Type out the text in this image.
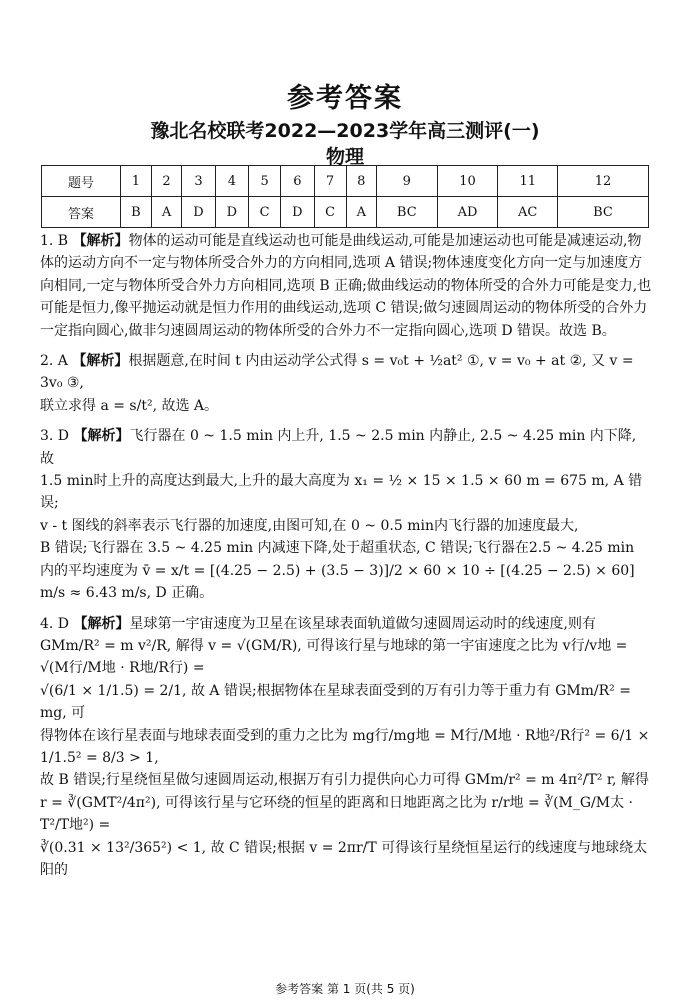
参考答案
豫北名校联考2022—2023学年高三测评(一)
物理
题号	1	2	3	4	5	6	7	8	9	10	11	12
答案	B	A	D	D	C	D	C	A	BC	AD	AC	BC

1. B 【解析】物体的运动可能是直线运动也可能是曲线运动,可能是加速运动也可能是减速运动,物体的运动方向不一定与物体所受合外力的方向相同,选项 A 错误;物体速度变化方向一定与加速度方向相同,一定与物体所受合外力方向相同,选项 B 正确;做曲线运动的物体所受的合外力可能是变力,也可能是恒力,像平抛运动就是恒力作用的曲线运动,选项 C 错误;做匀速圆周运动的物体所受的合外力一定指向圆心,做非匀速圆周运动的物体所受的合外力不一定指向圆心,选项 D 错误。故选 B。

2. A 【解析】根据题意,在时间 t 内由运动学公式得 s = v₀t + ½at² ①, v = v₀ + at ②, 又 v = 3v₀ ③,

联立求得 a = s/t², 故选 A。

3. D 【解析】飞行器在 0 ~ 1.5 min 内上升, 1.5 ~ 2.5 min 内静止, 2.5 ~ 4.25 min 内下降, 故

1.5 min时上升的高度达到最大,上升的最大高度为 x₁ = ½ × 15 × 1.5 × 60 m = 675 m, A 错误;

v - t 图线的斜率表示飞行器的加速度,由图可知,在 0 ~ 0.5 min内飞行器的加速度最大,

B 错误;飞行器在 3.5 ~ 4.25 min 内减速下降,处于超重状态, C 错误;飞行器在2.5 ~ 4.25 min

内的平均速度为 v̄ = x/t = [(4.25 − 2.5) + (3.5 − 3)]/2 × 60 × 10 ÷ [(4.25 − 2.5) × 60] m/s ≈ 6.43 m/s, D 正确。

4. D 【解析】星球第一宇宙速度为卫星在该星球表面轨道做匀速圆周运动时的线速度,则有

GMm/R² = m v²/R, 解得 v = √(GM/R), 可得该行星与地球的第一宇宙速度之比为 v行/v地 = √(M行/M地 · R地/R行) =

√(6/1 × 1/1.5) = 2/1, 故 A 错误;根据物体在星球表面受到的万有引力等于重力有 GMm/R² = mg, 可

得物体在该行星表面与地球表面受到的重力之比为 mg行/mg地 = M行/M地 · R地²/R行² = 6/1 × 1/1.5² = 8/3 > 1,

故 B 错误;行星绕恒星做匀速圆周运动,根据万有引力提供向心力可得 GMm/r² = m 4π²/T² r, 解得

r = ∛(GMT²/4π²), 可得该行星与它环绕的恒星的距离和日地距离之比为 r/r地 = ∛(M_G/M太 · T²/T地²) =

∛(0.31 × 13²/365²) < 1, 故 C 错误;根据 v = 2πr/T 可得该行星绕恒星运行的线速度与地球绕太阳的

参考答案 第 1 页(共 5 页)
